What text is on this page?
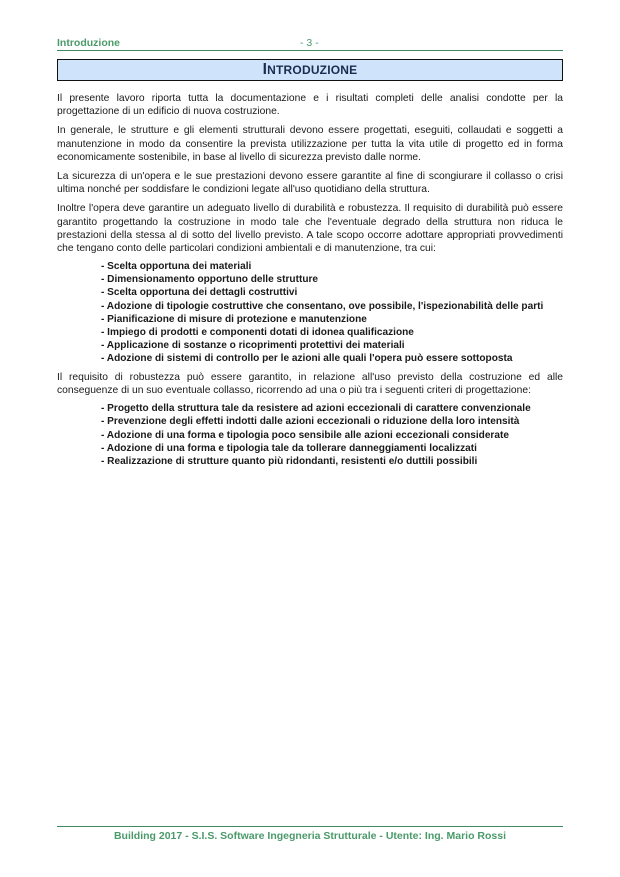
Introduzione	- 3 -
INTRODUZIONE

Il presente lavoro riporta tutta la documentazione e i risultati completi delle analisi condotte per la progettazione di un edificio di nuova costruzione.

In generale, le strutture e gli elementi strutturali devono essere progettati, eseguiti, collaudati e soggetti a manutenzione in modo da consentire la prevista utilizzazione per tutta la vita utile di progetto ed in forma economicamente sostenibile, in base al livello di sicurezza previsto dalle norme.

La sicurezza di un'opera e le sue prestazioni devono essere garantite al fine di scongiurare il collasso o crisi ultima nonché per soddisfare le condizioni legate all'uso quotidiano della struttura.

Inoltre l'opera deve garantire un adeguato livello di durabilità e robustezza. Il requisito di durabilità può essere garantito progettando la costruzione in modo tale che l'eventuale degrado della struttura non riduca le prestazioni della stessa al di sotto del livello previsto. A tale scopo occorre adottare appropriati provvedimenti che tengano conto delle particolari condizioni ambientali e di manutenzione, tra cui:

- Scelta opportuna dei materiali
- Dimensionamento opportuno delle strutture
- Scelta opportuna dei dettagli costruttivi
- Adozione di tipologie costruttive che consentano, ove possibile, l'ispezionabilità delle parti
- Pianificazione di misure di protezione e manutenzione
- Impiego di prodotti e componenti dotati di idonea qualificazione
- Applicazione di sostanze o ricoprimenti protettivi dei materiali
- Adozione di sistemi di controllo per le azioni alle quali l'opera può essere sottoposta

Il requisito di robustezza può essere garantito, in relazione all'uso previsto della costruzione ed alle conseguenze di un suo eventuale collasso, ricorrendo ad una o più tra i seguenti criteri di progettazione:

- Progetto della struttura tale da resistere ad azioni eccezionali di carattere convenzionale
- Prevenzione degli effetti indotti dalle azioni eccezionali o riduzione della loro intensità
- Adozione di una forma e tipologia poco sensibile alle azioni eccezionali considerate
- Adozione di una forma e tipologia tale da tollerare danneggiamenti localizzati
- Realizzazione di strutture quanto più ridondanti, resistenti e/o duttili possibili
Building 2017 - S.I.S. Software Ingegneria Strutturale - Utente: Ing. Mario Rossi
